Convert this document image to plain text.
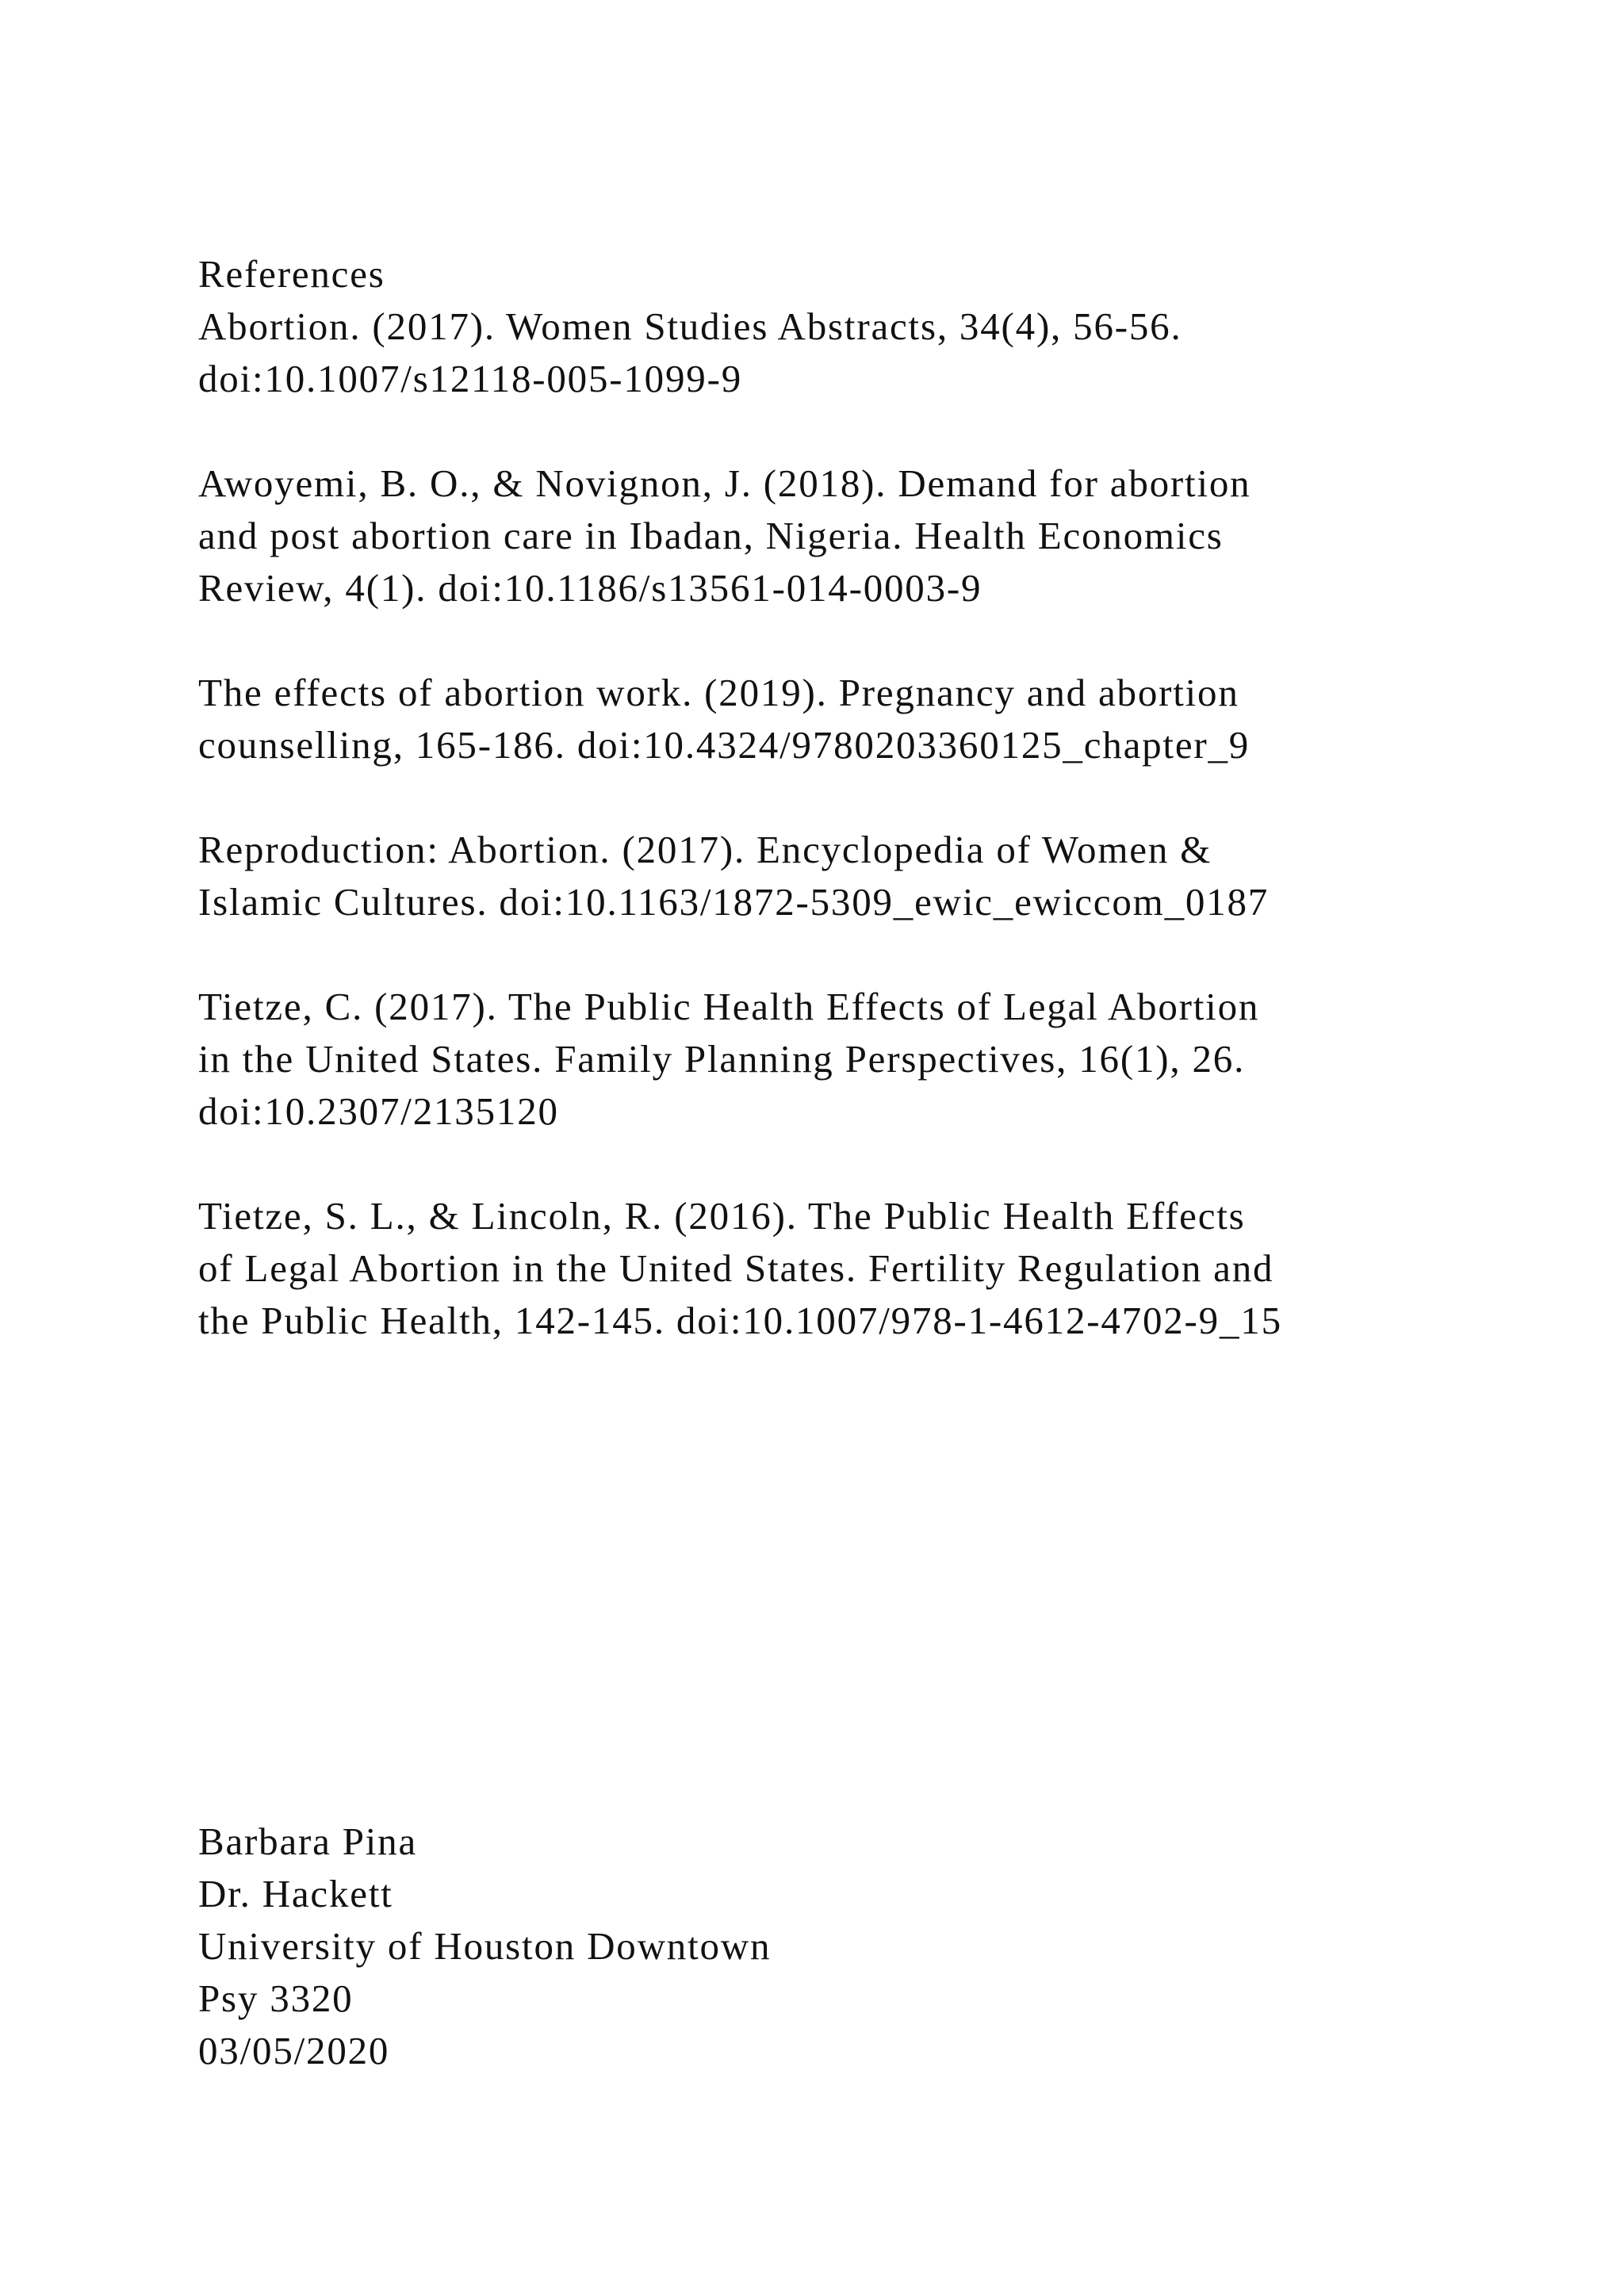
References
Abortion. (2017). Women Studies Abstracts, 34(4), 56-56.
doi:10.1007/s12118-005-1099-9
Awoyemi, B. O., & Novignon, J. (2018). Demand for abortion
and post abortion care in Ibadan, Nigeria. Health Economics
Review, 4(1). doi:10.1186/s13561-014-0003-9
The effects of abortion work. (2019). Pregnancy and abortion
counselling, 165-186. doi:10.4324/9780203360125_chapter_9
Reproduction: Abortion. (2017). Encyclopedia of Women &
Islamic Cultures. doi:10.1163/1872-5309_ewic_ewiccom_0187
Tietze, C. (2017). The Public Health Effects of Legal Abortion
in the United States. Family Planning Perspectives, 16(1), 26.
doi:10.2307/2135120
Tietze, S. L., & Lincoln, R. (2016). The Public Health Effects
of Legal Abortion in the United States. Fertility Regulation and
the Public Health, 142-145. doi:10.1007/978-1-4612-4702-9_15
Barbara Pina
Dr. Hackett
University of Houston Downtown
Psy 3320
03/05/2020
